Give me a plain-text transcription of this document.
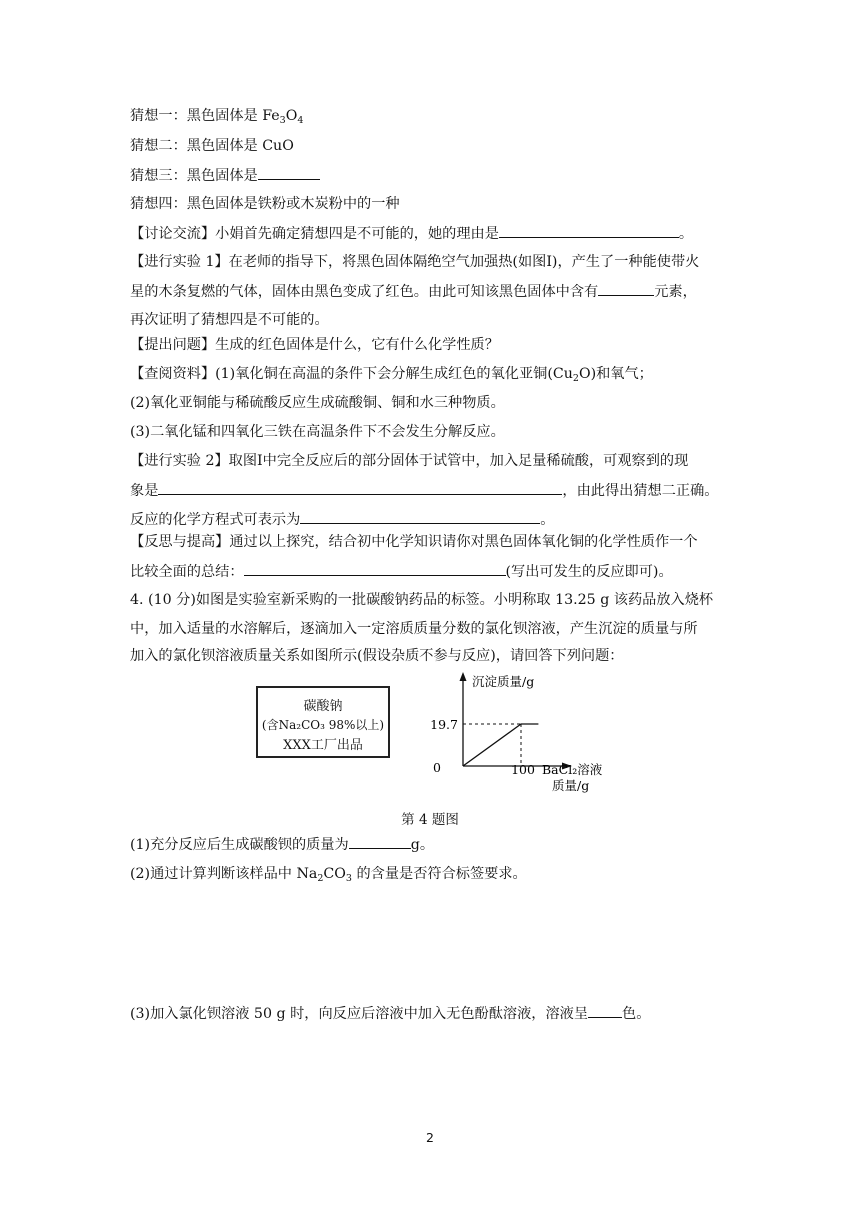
猜想一：黑色固体是 $Fe_3O_4$
猜想二：黑色固体是 CuO
猜想三：黑色固体是
猜想四：黑色固体是铁粉或木炭粉中的一种
【讨论交流】小娟首先确定猜想四是不可能的，她的理由是	。
【进行实验 1】在老师的指导下，将黑色固体隔绝空气加强热(如图Ⅰ)，产生了一种能使带火
星的木条复燃的气体，固体由黑色变成了红色。由此可知该黑色固体中含有	元素，
再次证明了猜想四是不可能的。
【提出问题】生成的红色固体是什么，它有什么化学性质？
【查阅资料】(1)氧化铜在高温的条件下会分解生成红色的氧化亚铜$(Cu_2O)$和氧气；
(2)氧化亚铜能与稀硫酸反应生成硫酸铜、铜和水三种物质。
(3)二氧化锰和四氧化三铁在高温条件下不会发生分解反应。
【进行实验 2】取图Ⅰ中完全反应后的部分固体于试管中，加入足量稀硫酸，可观察到的现
象是	，由此得出猜想二正确。
反应的化学方程式可表示为	。
【反思与提高】通过以上探究，结合初中化学知识请你对黑色固体氧化铜的化学性质作一个
比较全面的总结：	(写出可发生的反应即可)。
4. (10 分)如图是实验室新采购的一批碳酸钠药品的标签。小明称取 13.25 g 该药品放入烧杯
中，加入适量的水溶解后，逐滴加入一定溶质质量分数的氯化钡溶液，产生沉淀的质量与所
加入的氯化钡溶液质量关系如图所示(假设杂质不参与反应)，请回答下列问题：
碳酸钠
(含Na₂CO₃ 98%以上)
XXX工厂出品
沉淀质量/g
19.7
0	100 BaCl₂溶液
质量/g
第 4 题图
(1)充分反应后生成碳酸钡的质量为	g。
(2)通过计算判断该样品中 $Na_2CO_3$ 的含量是否符合标签要求。
(3)加入氯化钡溶液 50 g 时，向反应后溶液中加入无色酚酞溶液，溶液呈 色。
2
